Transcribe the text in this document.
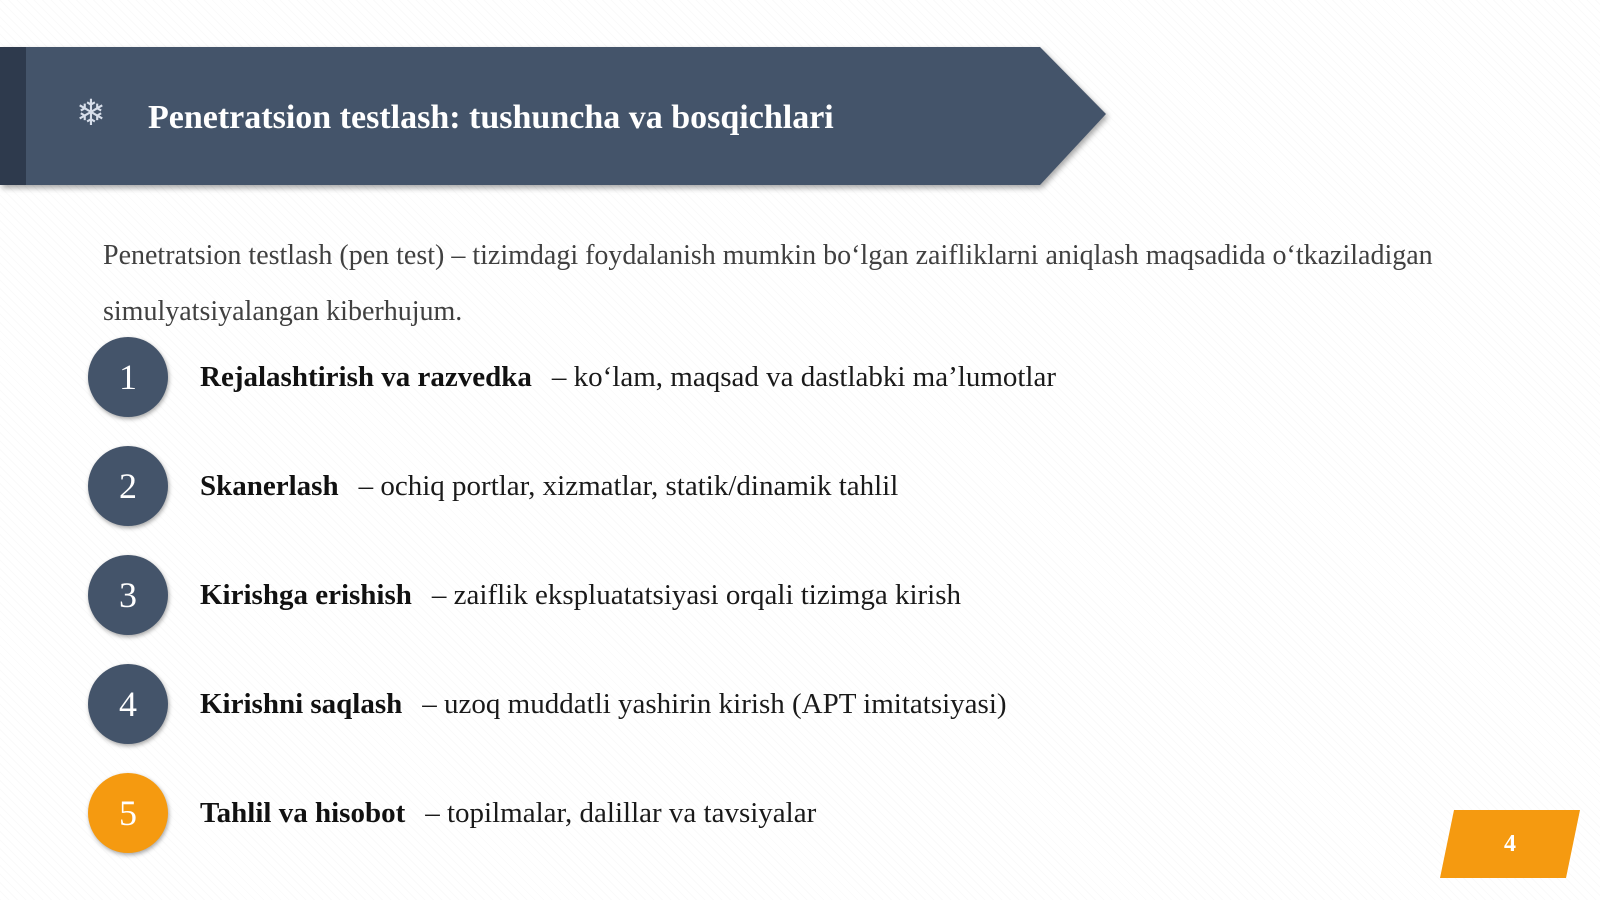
❄ Penetratsion testlash: tushuncha va bosqichlari
Penetratsion testlash (pen test) – tizimdagi foydalanish mumkin bo‘lgan zaifliklarni aniqlash maqsadida o‘tkaziladigan simulyatsiyalangan kiberhujum.
1	Rejalashtirish va razvedka – ko‘lam, maqsad va dastlabki ma’lumotlar
2	Skanerlash – ochiq portlar, xizmatlar, statik/dinamik tahlil
3	Kirishga erishish – zaiflik ekspluatatsiyasi orqali tizimga kirish
4	Kirishni saqlash – uzoq muddatli yashirin kirish (APT imitatsiyasi)
5	Tahlil va hisobot – topilmalar, dalillar va tavsiyalar
4
